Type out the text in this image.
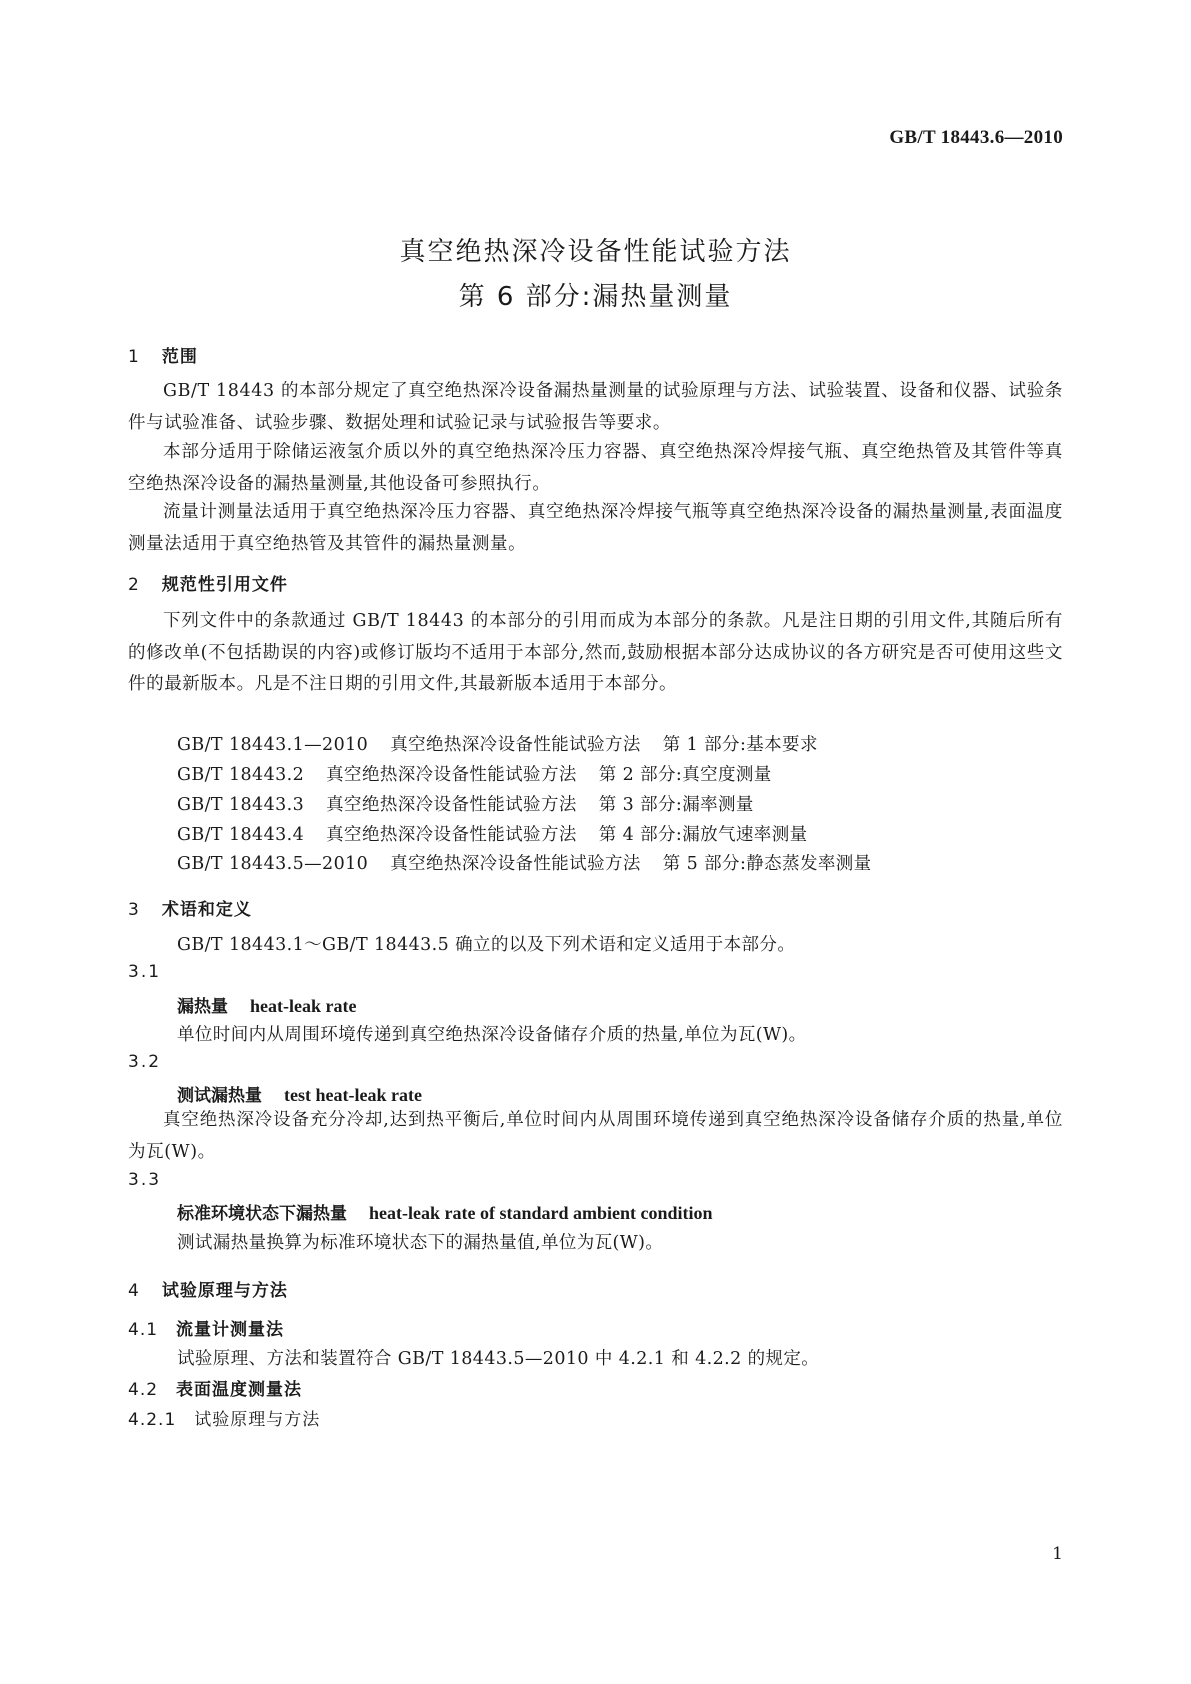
GB/T 18443.6—2010
真空绝热深冷设备性能试验方法
第 6 部分:漏热量测量
1 范围
GB/T 18443 的本部分规定了真空绝热深冷设备漏热量测量的试验原理与方法、试验装置、设备和仪器、试验条件与试验准备、试验步骤、数据处理和试验记录与试验报告等要求。
本部分适用于除储运液氢介质以外的真空绝热深冷压力容器、真空绝热深冷焊接气瓶、真空绝热管及其管件等真空绝热深冷设备的漏热量测量,其他设备可参照执行。
流量计测量法适用于真空绝热深冷压力容器、真空绝热深冷焊接气瓶等真空绝热深冷设备的漏热量测量,表面温度测量法适用于真空绝热管及其管件的漏热量测量。
2 规范性引用文件
下列文件中的条款通过 GB/T 18443 的本部分的引用而成为本部分的条款。凡是注日期的引用文件,其随后所有的修改单(不包括勘误的内容)或修订版均不适用于本部分,然而,鼓励根据本部分达成协议的各方研究是否可使用这些文件的最新版本。凡是不注日期的引用文件,其最新版本适用于本部分。
GB/T 18443.1—2010 真空绝热深冷设备性能试验方法 第 1 部分:基本要求
GB/T 18443.2 真空绝热深冷设备性能试验方法 第 2 部分:真空度测量
GB/T 18443.3 真空绝热深冷设备性能试验方法 第 3 部分:漏率测量
GB/T 18443.4 真空绝热深冷设备性能试验方法 第 4 部分:漏放气速率测量
GB/T 18443.5—2010 真空绝热深冷设备性能试验方法 第 5 部分:静态蒸发率测量
3 术语和定义
GB/T 18443.1～GB/T 18443.5 确立的以及下列术语和定义适用于本部分。
3.1
漏热量 heat-leak rate
单位时间内从周围环境传递到真空绝热深冷设备储存介质的热量,单位为瓦(W)。
3.2
测试漏热量 test heat-leak rate
真空绝热深冷设备充分冷却,达到热平衡后,单位时间内从周围环境传递到真空绝热深冷设备储存介质的热量,单位为瓦(W)。
3.3
标准环境状态下漏热量 heat-leak rate of standard ambient condition
测试漏热量换算为标准环境状态下的漏热量值,单位为瓦(W)。
4 试验原理与方法
4.1 流量计测量法
试验原理、方法和装置符合 GB/T 18443.5—2010 中 4.2.1 和 4.2.2 的规定。
4.2 表面温度测量法
4.2.1 试验原理与方法
1
